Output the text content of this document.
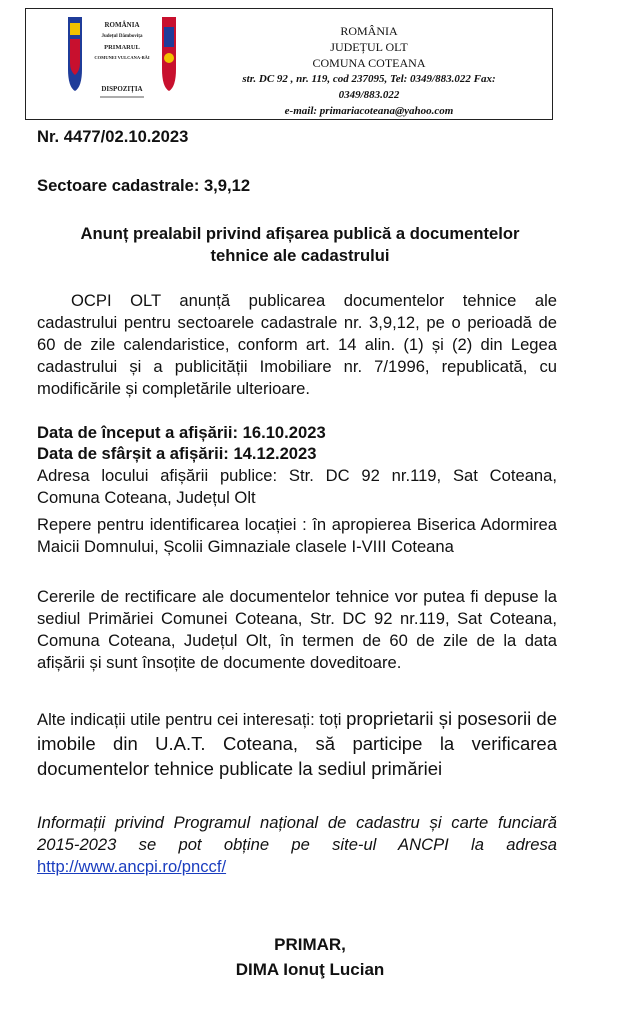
ROMÂNIA
Județul Dâmbovița
PRIMARUL
COMUNEI VULCANA-BĂI
DISPOZIȚIA
ROMÂNIA
JUDEȚUL OLT
COMUNA COTEANA
str. DC 92 , nr. 119, cod 237095, Tel: 0349/883.022 Fax:
0349/883.022
e-mail: primariacoteana@yahoo.com
Nr. 4477/02.10.2023
Sectoare cadastrale: 3,9,12
Anunț prealabil privind afișarea publică a documentelor
tehnice ale cadastrului
OCPI OLT anunță publicarea documentelor tehnice ale cadastrului pentru sectoarele cadastrale nr. 3,9,12, pe o perioadă de 60 de zile calendaristice, conform art. 14 alin. (1) și (2) din Legea cadastrului și a publicității Imobiliare nr. 7/1996, republicată, cu modificările și completările ulterioare.
Data de început a afișării: 16.10.2023
Data de sfârșit a afișării: 14.12.2023
Adresa locului afișării publice: Str. DC 92 nr.119, Sat Coteana, Comuna Coteana, Județul Olt
Repere pentru identificarea locației : în apropierea Biserica Adormirea Maicii Domnului, Școlii Gimnaziale clasele I-VIII Coteana
Cererile de rectificare ale documentelor tehnice vor putea fi depuse la sediul Primăriei Comunei Coteana, Str. DC 92 nr.119, Sat Coteana, Comuna Coteana, Județul Olt, în termen de 60 de zile de la data afișării și sunt însoțite de documente doveditoare.
Alte indicații utile pentru cei interesați: toți proprietarii și posesorii de imobile din U.A.T. Coteana, să participe la verificarea documentelor tehnice publicate la sediul primăriei
Informații privind Programul național de cadastru și carte funciară 2015-2023 se pot obține pe site-ul ANCPI la adresa http://www.ancpi.ro/pnccf/
PRIMAR,
DIMA Ionuţ Lucian
